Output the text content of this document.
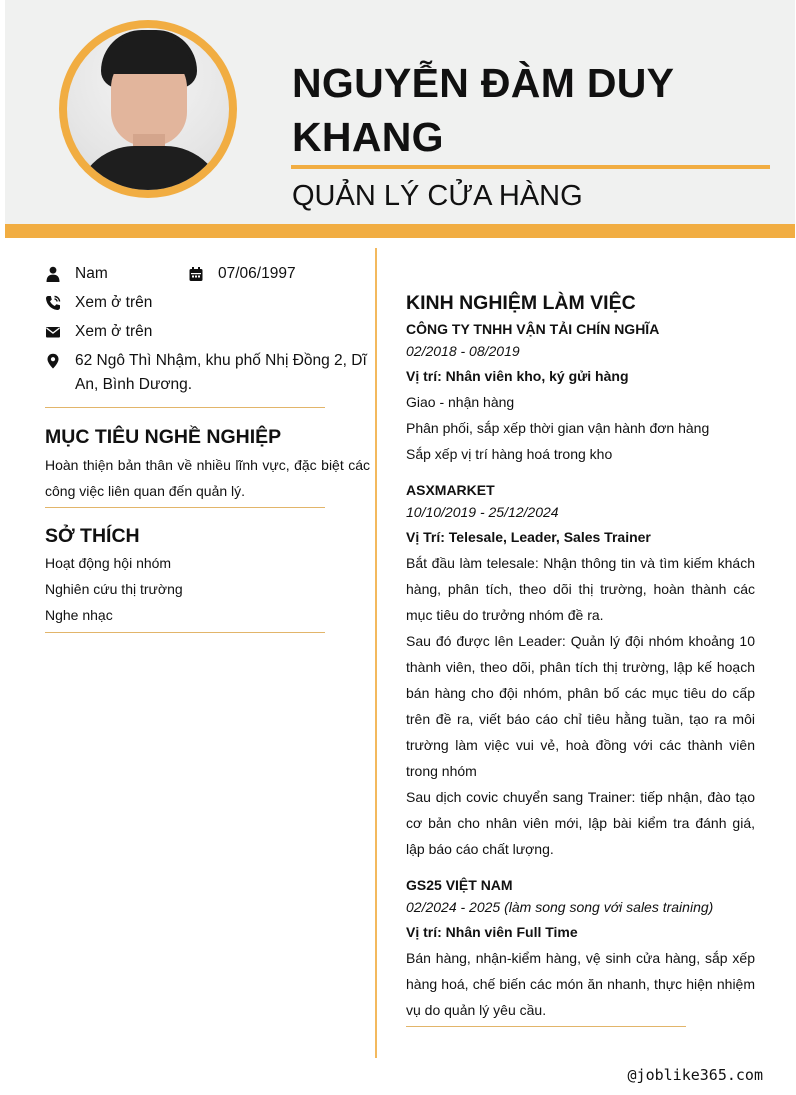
NGUYỄN ĐÀM DUY KHANG
QUẢN LÝ CỬA HÀNG
Nam	07/06/1997
Xem ở trên
Xem ở trên
62 Ngô Thì Nhậm, khu phố Nhị Đồng 2, Dĩ An, Bình Dương.
MỤC TIÊU NGHỀ NGHIỆP
Hoàn thiện bản thân về nhiều lĩnh vực, đặc biệt các công việc liên quan đến quản lý.
SỞ THÍCH
Hoạt động hội nhóm
Nghiên cứu thị trường
Nghe nhạc
KINH NGHIỆM LÀM VIỆC
CÔNG TY TNHH VẬN TẢI CHÍN NGHĨA
02/2018 - 08/2019
Vị trí: Nhân viên kho, ký gửi hàng
Giao - nhận hàng
Phân phối, sắp xếp thời gian vận hành đơn hàng
Sắp xếp vị trí hàng hoá trong kho
ASXMARKET
10/10/2019 - 25/12/2024
Vị Trí: Telesale, Leader, Sales Trainer
Bắt đầu làm telesale: Nhận thông tin và tìm kiếm khách hàng, phân tích, theo dõi thị trường, hoàn thành các mục tiêu do trưởng nhóm đề ra.
Sau đó được lên Leader: Quản lý đội nhóm khoảng 10 thành viên, theo dõi, phân tích thị trường, lập kế hoạch bán hàng cho đội nhóm, phân bố các mục tiêu do cấp trên đề ra, viết báo cáo chỉ tiêu hằng tuần, tạo ra môi trường làm việc vui vẻ, hoà đồng với các thành viên trong nhóm
Sau dịch covic chuyển sang Trainer: tiếp nhận, đào tạo cơ bản cho nhân viên mới, lập bài kiểm tra đánh giá, lập báo cáo chất lượng.
GS25 VIỆT NAM
02/2024 - 2025 (làm song song với sales training)
Vị trí: Nhân viên Full Time
Bán hàng, nhận-kiểm hàng, vệ sinh cửa hàng, sắp xếp hàng hoá, chế biến các món ăn nhanh, thực hiện nhiệm vụ do quản lý yêu cầu.
@joblike365.com
